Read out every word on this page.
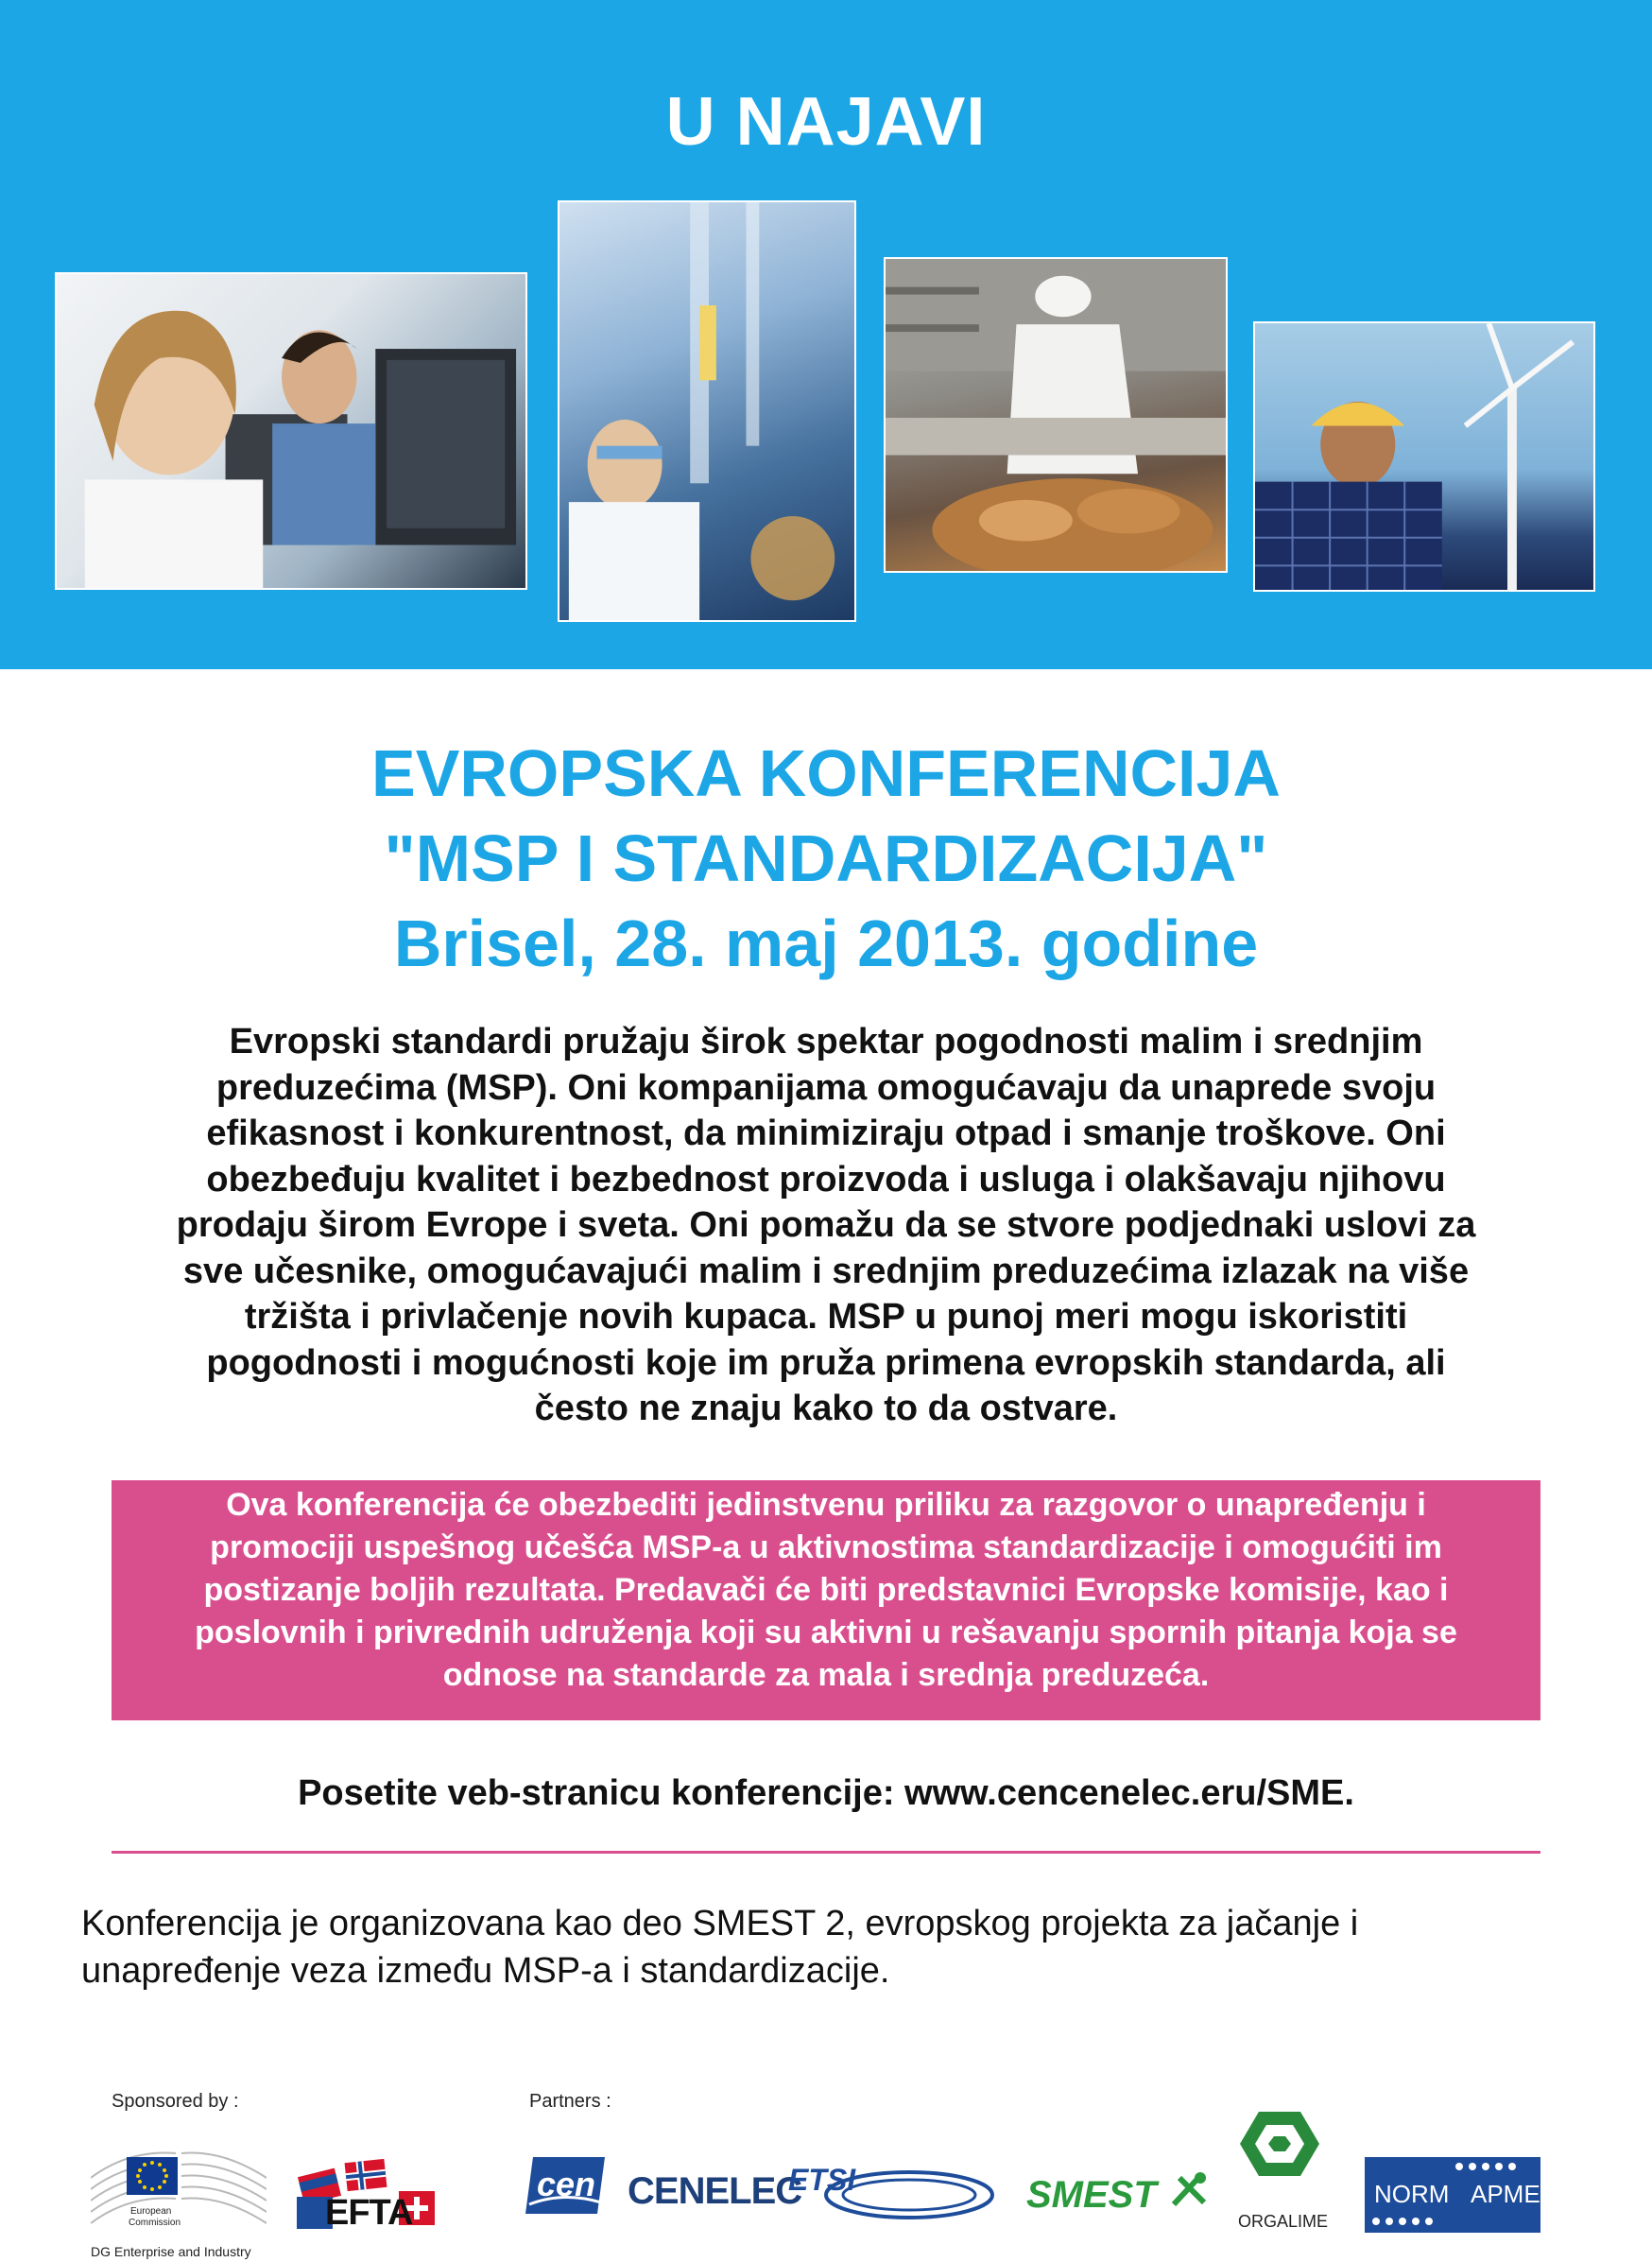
U NAJAVI
EVROPSKA KONFERENCIJA
"MSP I STANDARDIZACIJA"
Brisel, 28. maj 2013. godine
Evropski standardi pružaju širok spektar pogodnosti malim i srednjim
preduzećima (MSP). Oni kompanijama omogućavaju da unaprede svoju
efikasnost i konkurentnost, da minimiziraju otpad i smanje troškove. Oni
obezbeđuju kvalitet i bezbednost proizvoda i usluga i olakšavaju njihovu
prodaju širom Evrope i sveta. Oni pomažu da se stvore podjednaki uslovi za
sve učesnike, omogućavajući malim i srednjim preduzećima izlazak na više
tržišta i privlačenje novih kupaca. MSP u punoj meri mogu iskoristiti
pogodnosti i mogućnosti koje im pruža primena evropskih standarda, ali
često ne znaju kako to da ostvare.
Ova konferencija će obezbediti jedinstvenu priliku za razgovor o unapređenju i
promociji uspešnog učešća MSP-a u aktivnostima standardizacije i omogućiti im
postizanje boljih rezultata. Predavači će biti predstavnici Evropske komisije, kao i
poslovnih i privrednih udruženja koji su aktivni u rešavanju spornih pitanja koja se
odnose na standarde za mala i srednja preduzeća.
Posetite veb-stranicu konferencije: www.cencenelec.eru/SME.
Konferencija je organizovana kao deo SMEST 2, evropskog projekta za jačanje i
unapređenje veza između MSP-a i standardizacije.
Sponsored by :	Partners :
European
Commission
DG Enterprise and Industry
EFTA
cen CENELEC
ETSI	SMEST
ORGALIME
NORM APME
